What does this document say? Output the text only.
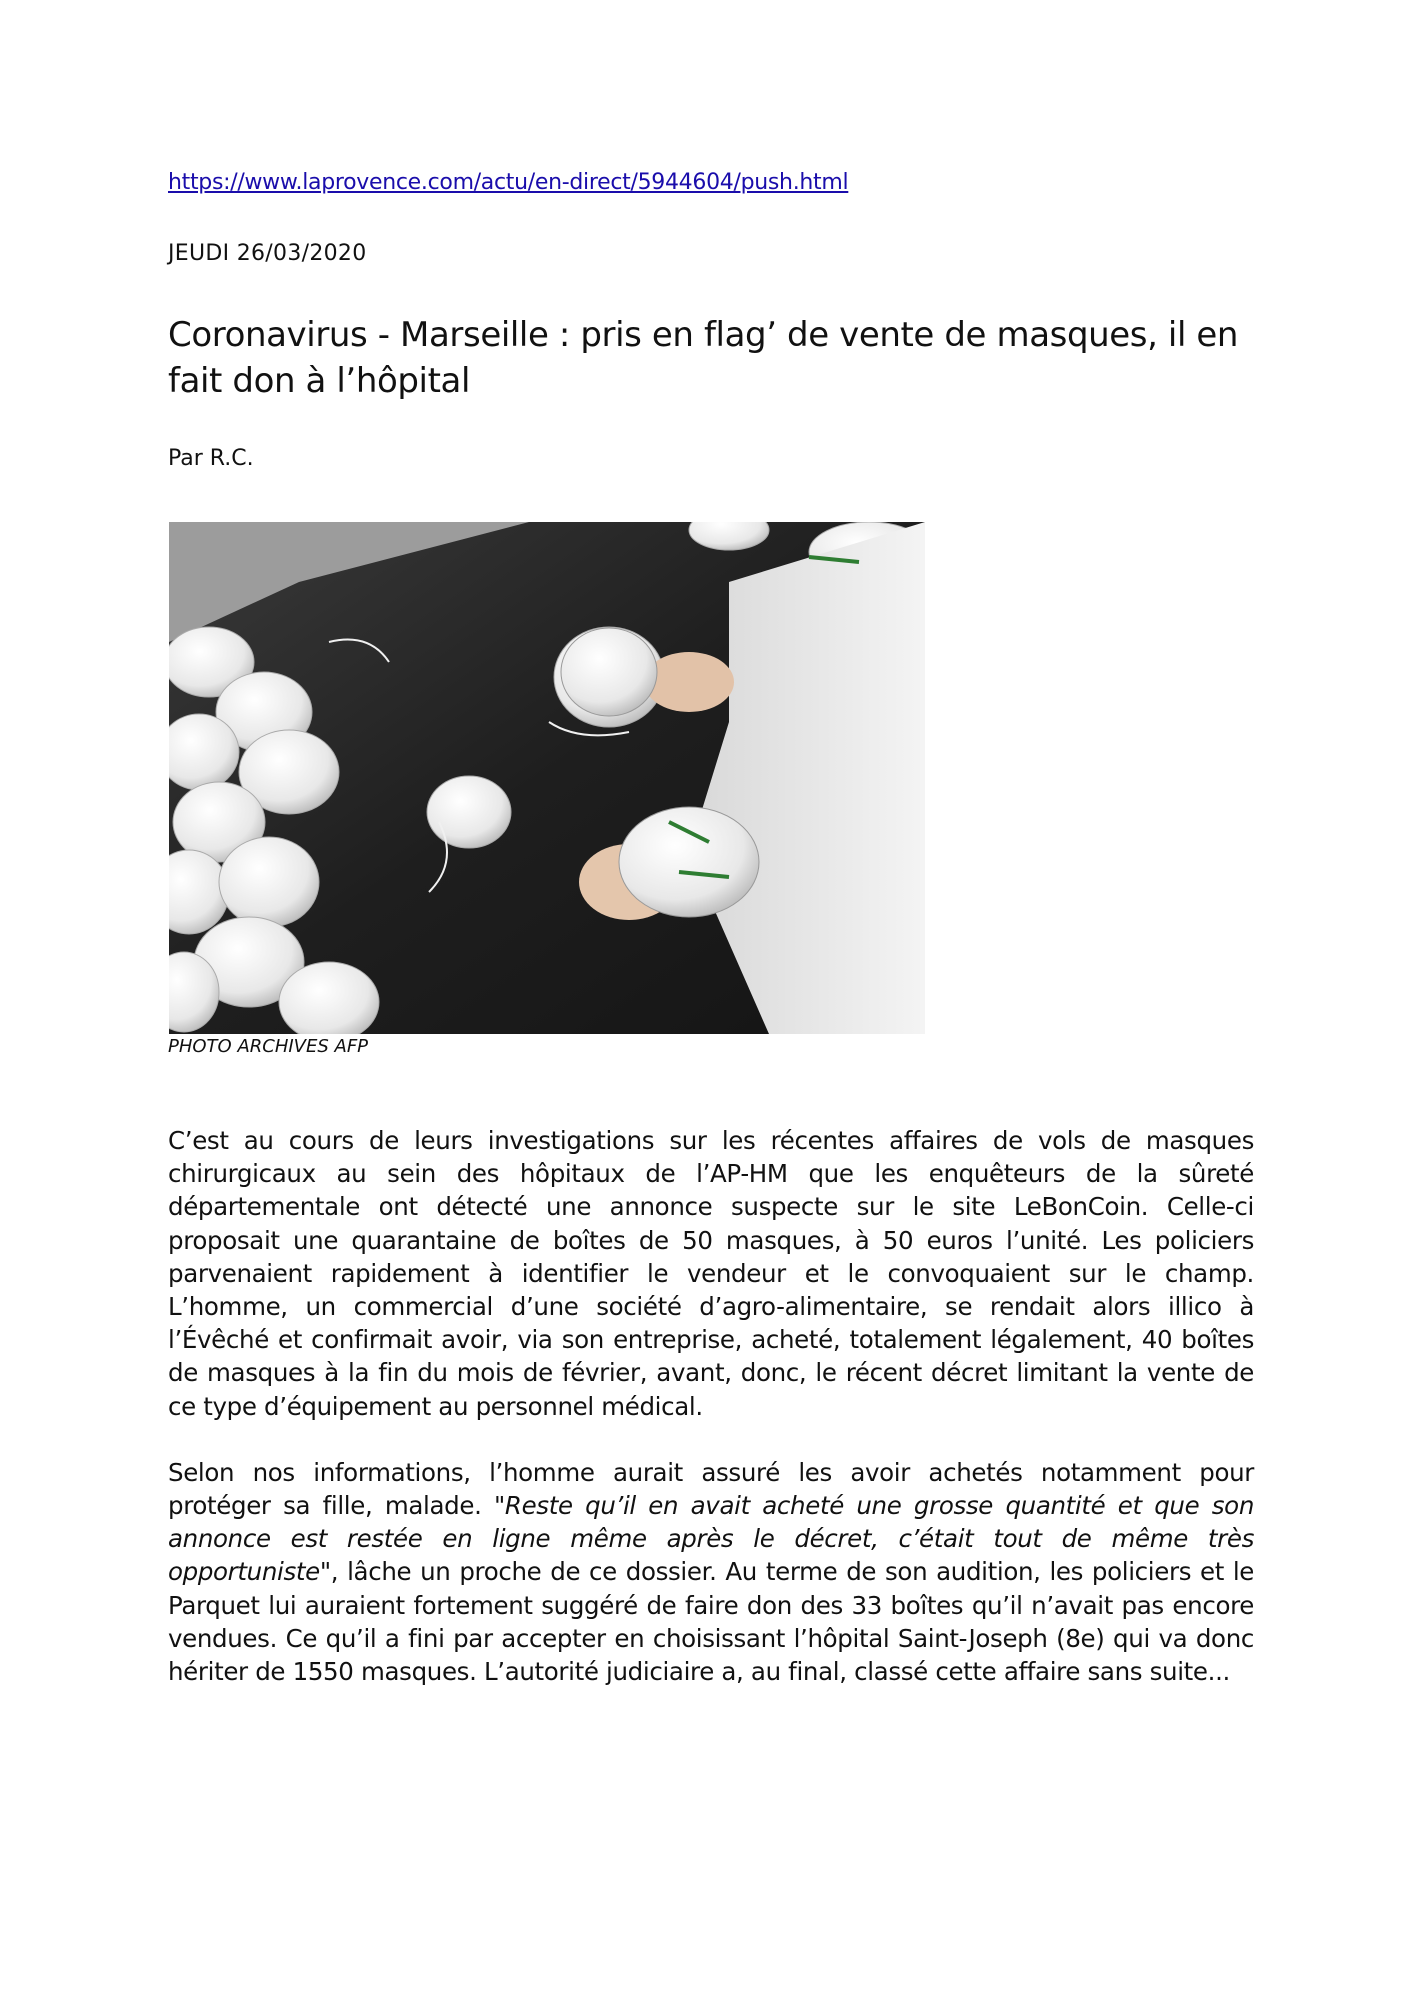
https://www.laprovence.com/actu/en-direct/5944604/push.html
JEUDI 26/03/2020
Coronavirus - Marseille : pris en flag’ de vente de masques, il en fait don à l’hôpital
Par R.C.
PHOTO ARCHIVES AFP

C’est au cours de leurs investigations sur les récentes affaires de vols de masques chirurgicaux au sein des hôpitaux de l’AP-HM que les enquêteurs de la sûreté départementale ont détecté une annonce suspecte sur le site LeBonCoin. Celle-ci proposait une quarantaine de boîtes de 50 masques, à 50 euros l’unité. Les policiers parvenaient rapidement à identifier le vendeur et le convoquaient sur le champ. L’homme, un commercial d’une société d’agro-alimentaire, se rendait alors illico à l’Évêché et confirmait avoir, via son entreprise, acheté, totalement légalement, 40 boîtes de masques à la fin du mois de février, avant, donc, le récent décret limitant la vente de ce type d’équipement au personnel médical.

Selon nos informations, l’homme aurait assuré les avoir achetés notamment pour protéger sa fille, malade. "Reste qu’il en avait acheté une grosse quantité et que son annonce est restée en ligne même après le décret, c’était tout de même très opportuniste", lâche un proche de ce dossier. Au terme de son audition, les policiers et le Parquet lui auraient fortement suggéré de faire don des 33 boîtes qu’il n’avait pas encore vendues. Ce qu’il a fini par accepter en choisissant l’hôpital Saint-Joseph (8e) qui va donc hériter de 1550 masques. L’autorité judiciaire a, au final, classé cette affaire sans suite...
